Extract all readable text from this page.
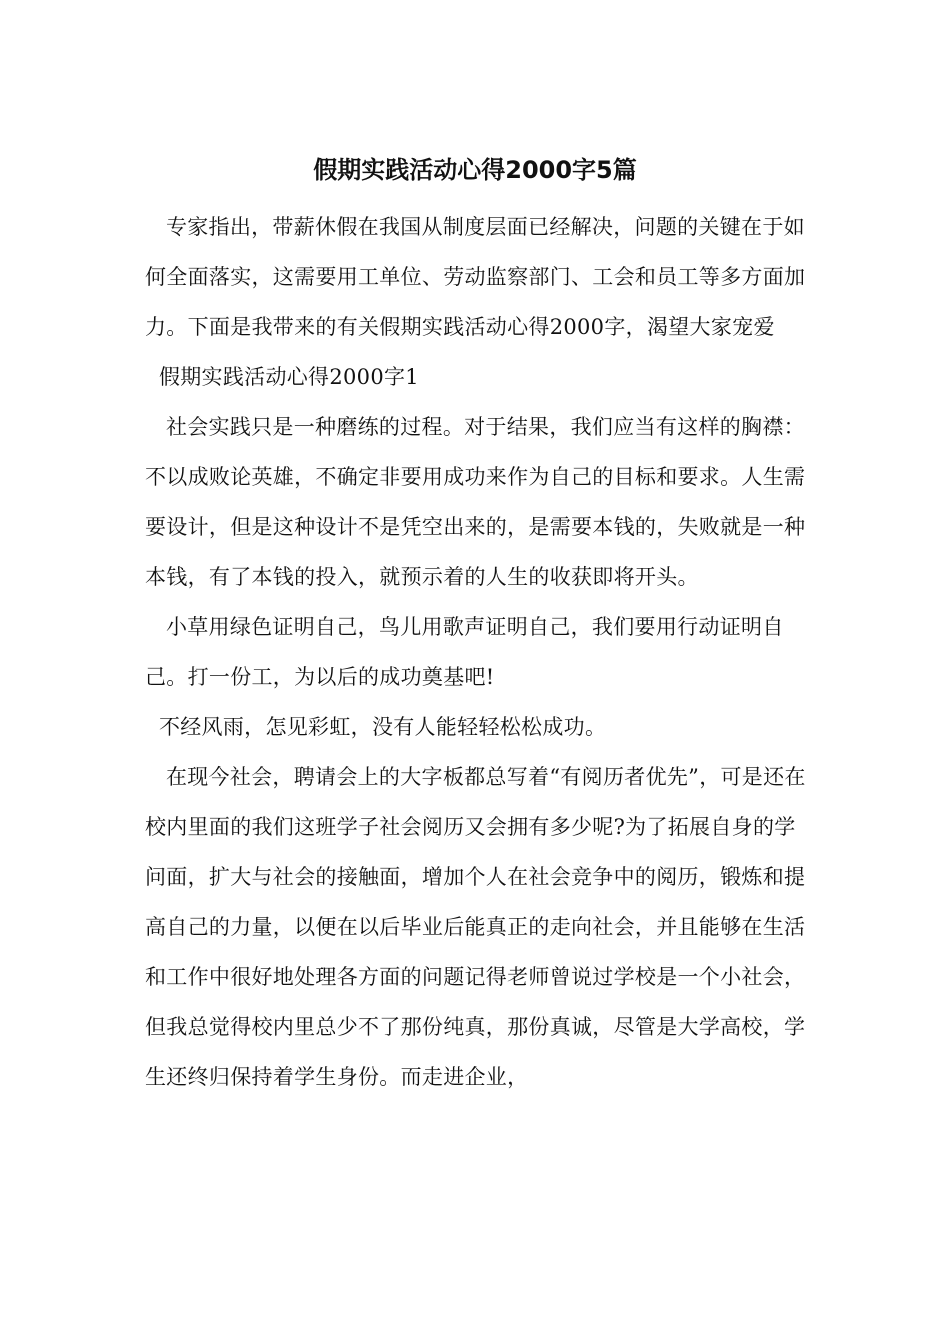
假期实践活动心得2000字5篇

专家指出，带薪休假在我国从制度层面已经解决，问题的关键在于如何全面落实，这需要用工单位、劳动监察部门、工会和员工等多方面加力。下面是我带来的有关假期实践活动心得2000字，渴望大家宠爱

假期实践活动心得2000字1

社会实践只是一种磨练的过程。对于结果，我们应当有这样的胸襟：不以成败论英雄，不确定非要用成功来作为自己的目标和要求。人生需要设计，但是这种设计不是凭空出来的，是需要本钱的，失败就是一种本钱，有了本钱的投入，就预示着的人生的收获即将开头。

小草用绿色证明自己，鸟儿用歌声证明自己，我们要用行动证明自己。打一份工，为以后的成功奠基吧!

不经风雨，怎见彩虹，没有人能轻轻松松成功。

在现今社会，聘请会上的大字板都总写着“有阅历者优先”，可是还在校内里面的我们这班学子社会阅历又会拥有多少呢?为了拓展自身的学问面，扩大与社会的接触面，增加个人在社会竞争中的阅历，锻炼和提高自己的力量，以便在以后毕业后能真正的走向社会，并且能够在生活和工作中很好地处理各方面的问题记得老师曾说过学校是一个小社会，但我总觉得校内里总少不了那份纯真，那份真诚，尽管是大学高校，学生还终归保持着学生身份。而走进企业，
